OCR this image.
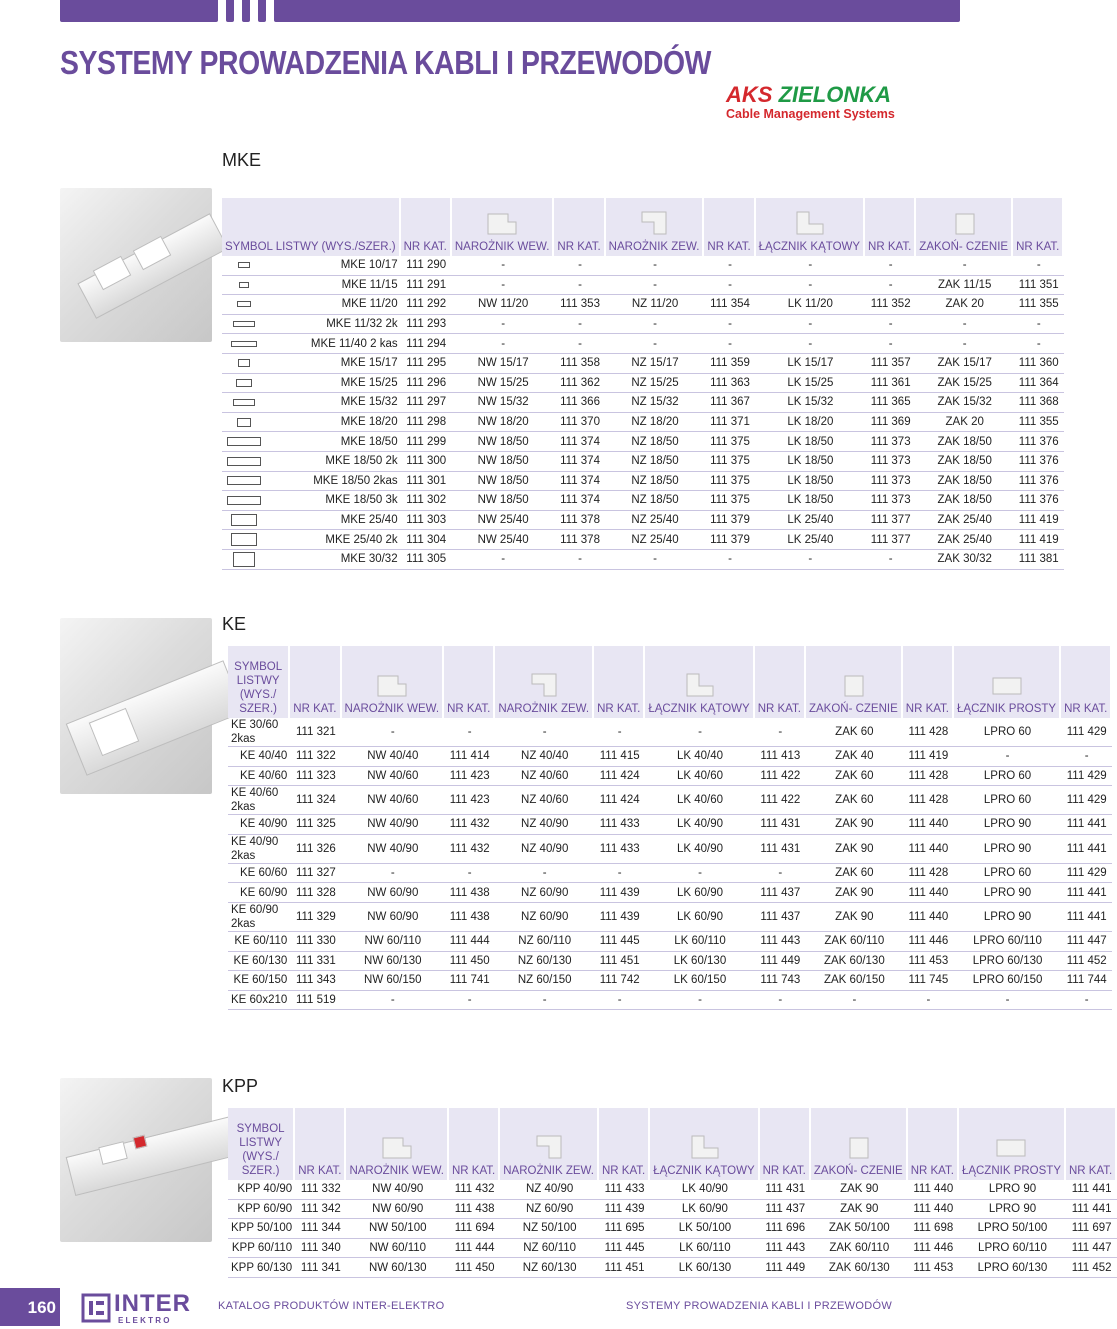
SYSTEMY PROWADZENIA KABLI I PRZEWODÓW
AKS ZIELONKA
Cable Management Systems
MKE
SYMBOL LISTWY (WYS./SZER.)		NR KAT.	NAROŻNIK WEW.	NR KAT.	NAROŻNIK ZEW.	NR KAT.	ŁĄCZNIK KĄTOWY	NR KAT.	ZAKOŃ- CZENIE	NR KAT.
	MKE 10/17	111 290	-	-	-	-	-	-	-	-
	MKE 11/15	111 291	-	-	-	-	-	-	ZAK 11/15	111 351
	MKE 11/20	111 292	NW 11/20	111 353	NZ 11/20	111 354	LK 11/20	111 352	ZAK 20	111 355
	MKE 11/32 2k	111 293	-	-	-	-	-	-	-	-
	MKE 11/40 2 kas	111 294	-	-	-	-	-	-	-	-
	MKE 15/17	111 295	NW 15/17	111 358	NZ 15/17	111 359	LK 15/17	111 357	ZAK 15/17	111 360
	MKE 15/25	111 296	NW 15/25	111 362	NZ 15/25	111 363	LK 15/25	111 361	ZAK 15/25	111 364
	MKE 15/32	111 297	NW 15/32	111 366	NZ 15/32	111 367	LK 15/32	111 365	ZAK 15/32	111 368
	MKE 18/20	111 298	NW 18/20	111 370	NZ 18/20	111 371	LK 18/20	111 369	ZAK 20	111 355
	MKE 18/50	111 299	NW 18/50	111 374	NZ 18/50	111 375	LK 18/50	111 373	ZAK 18/50	111 376
	MKE 18/50 2k	111 300	NW 18/50	111 374	NZ 18/50	111 375	LK 18/50	111 373	ZAK 18/50	111 376
	MKE 18/50 2kas	111 301	NW 18/50	111 374	NZ 18/50	111 375	LK 18/50	111 373	ZAK 18/50	111 376
	MKE 18/50 3k	111 302	NW 18/50	111 374	NZ 18/50	111 375	LK 18/50	111 373	ZAK 18/50	111 376
	MKE 25/40	111 303	NW 25/40	111 378	NZ 25/40	111 379	LK 25/40	111 377	ZAK 25/40	111 419
	MKE 25/40 2k	111 304	NW 25/40	111 378	NZ 25/40	111 379	LK 25/40	111 377	ZAK 25/40	111 419
	MKE 30/32	111 305	-	-	-	-	-	-	ZAK 30/32	111 381
KE
SYMBOL LISTWY (WYS./ SZER.)	NR KAT.	NAROŻNIK WEW.	NR KAT.	NAROŻNIK ZEW.	NR KAT.	ŁĄCZNIK KĄTOWY	NR KAT.	ZAKOŃ- CZENIE	NR KAT.	ŁĄCZNIK PROSTY	NR KAT.
KE 30/60 2kas	111 321	-	-	-	-	-	-	ZAK 60	111 428	LPRO 60	111 429
KE 40/40	111 322	NW 40/40	111 414	NZ 40/40	111 415	LK 40/40	111 413	ZAK 40	111 419	-	-
KE 40/60	111 323	NW 40/60	111 423	NZ 40/60	111 424	LK 40/60	111 422	ZAK 60	111 428	LPRO 60	111 429
KE 40/60 2kas	111 324	NW 40/60	111 423	NZ 40/60	111 424	LK 40/60	111 422	ZAK 60	111 428	LPRO 60	111 429
KE 40/90	111 325	NW 40/90	111 432	NZ 40/90	111 433	LK 40/90	111 431	ZAK 90	111 440	LPRO 90	111 441
KE 40/90 2kas	111 326	NW 40/90	111 432	NZ 40/90	111 433	LK 40/90	111 431	ZAK 90	111 440	LPRO 90	111 441
KE 60/60	111 327	-	-	-	-	-	-	ZAK 60	111 428	LPRO 60	111 429
KE 60/90	111 328	NW 60/90	111 438	NZ 60/90	111 439	LK 60/90	111 437	ZAK 90	111 440	LPRO 90	111 441
KE 60/90 2kas	111 329	NW 60/90	111 438	NZ 60/90	111 439	LK 60/90	111 437	ZAK 90	111 440	LPRO 90	111 441
KE 60/110	111 330	NW 60/110	111 444	NZ 60/110	111 445	LK 60/110	111 443	ZAK 60/110	111 446	LPRO 60/110	111 447
KE 60/130	111 331	NW 60/130	111 450	NZ 60/130	111 451	LK 60/130	111 449	ZAK 60/130	111 453	LPRO 60/130	111 452
KE 60/150	111 343	NW 60/150	111 741	NZ 60/150	111 742	LK 60/150	111 743	ZAK 60/150	111 745	LPRO 60/150	111 744
KE 60x210	111 519	-	-	-	-	-	-	-	-	-	-
KPP
SYMBOL LISTWY (WYS./ SZER.)	NR KAT.	NAROŻNIK WEW.	NR KAT.	NAROŻNIK ZEW.	NR KAT.	ŁĄCZNIK KĄTOWY	NR KAT.	ZAKOŃ- CZENIE	NR KAT.	ŁĄCZNIK PROSTY	NR KAT.
KPP 40/90	111 332	NW 40/90	111 432	NZ 40/90	111 433	LK 40/90	111 431	ZAK 90	111 440	LPRO 90	111 441
KPP 60/90	111 342	NW 60/90	111 438	NZ 60/90	111 439	LK 60/90	111 437	ZAK 90	111 440	LPRO 90	111 441
KPP 50/100	111 344	NW 50/100	111 694	NZ 50/100	111 695	LK 50/100	111 696	ZAK 50/100	111 698	LPRO 50/100	111 697
KPP 60/110	111 340	NW 60/110	111 444	NZ 60/110	111 445	LK 60/110	111 443	ZAK 60/110	111 446	LPRO 60/110	111 447
KPP 60/130	111 341	NW 60/130	111 450	NZ 60/130	111 451	LK 60/130	111 449	ZAK 60/130	111 453	LPRO 60/130	111 452
160 INTER
E L E K T R O
KATALOG PRODUKTÓW INTER-ELEKTRO	SYSTEMY PROWADZENIA KABLI I PRZEWODÓW
